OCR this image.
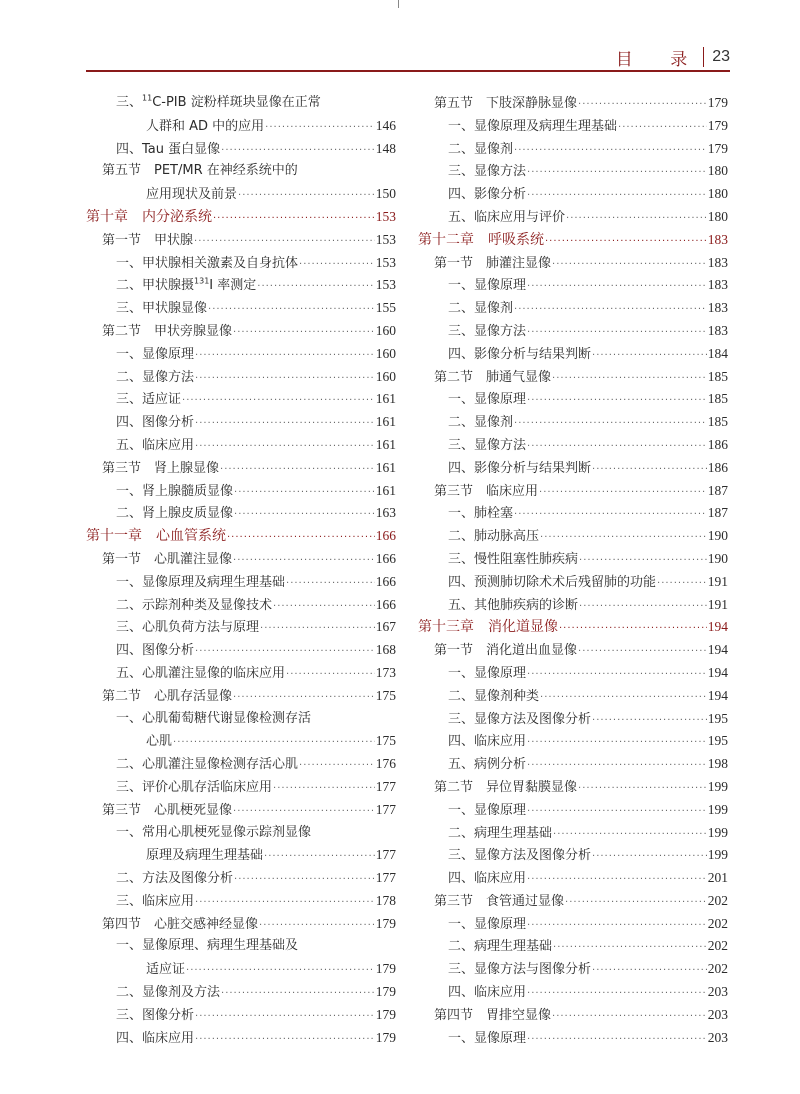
目 录 23
三、$^{11}$C-PIB 淀粉样斑块显像在正常
人群和 AD 中的应用 ·····	146
四、Tau 蛋白显像 ·····	148
第五节　PET/MR 在神经系统中的
应用现状及前景 ·····	150
第十章　内分泌系统 ·····	153
第一节　甲状腺 ·····	153
一、甲状腺相关激素及自身抗体 ·····	153
二、甲状腺摄$^{131}$I 率测定 ·····	153
三、甲状腺显像 ·····	155
第二节　甲状旁腺显像 ·····	160
一、显像原理 ·····	160
二、显像方法 ·····	160
三、适应证 ·····	161
四、图像分析 ·····	161
五、临床应用 ·····	161
第三节　肾上腺显像 ·····	161
一、肾上腺髓质显像 ·····	161
二、肾上腺皮质显像 ·····	163
第十一章　心血管系统 ·····	166
第一节　心肌灌注显像 ·····	166
一、显像原理及病理生理基础 ·····	166
二、示踪剂种类及显像技术 ·····	166
三、心肌负荷方法与原理 ·····	167
四、图像分析 ·····	168
五、心肌灌注显像的临床应用 ·····	173
第二节　心肌存活显像 ·····	175
一、心肌葡萄糖代谢显像检测存活
心肌 ·····	175
二、心肌灌注显像检测存活心肌 ·····	176
三、评价心肌存活临床应用 ·····	177
第三节　心肌梗死显像 ·····	177
一、常用心肌梗死显像示踪剂显像
原理及病理生理基础 ·····	177
二、方法及图像分析 ·····	177
三、临床应用 ·····	178
第四节　心脏交感神经显像 ·····	179
一、显像原理、病理生理基础及
适应证 ·····	179
二、显像剂及方法 ·····	179
三、图像分析 ·····	179
四、临床应用 ·····	179
第五节　下肢深静脉显像 ·····	179
一、显像原理及病理生理基础 ·····	179
二、显像剂 ·····	179
三、显像方法 ·····	180
四、影像分析 ·····	180
五、临床应用与评价 ·····	180
第十二章　呼吸系统 ·····	183
第一节　肺灌注显像 ·····	183
一、显像原理 ·····	183
二、显像剂 ·····	183
三、显像方法 ·····	183
四、影像分析与结果判断 ·····	184
第二节　肺通气显像 ·····	185
一、显像原理 ·····	185
二、显像剂 ·····	185
三、显像方法 ·····	186
四、影像分析与结果判断 ·····	186
第三节　临床应用 ·····	187
一、肺栓塞 ·····	187
二、肺动脉高压 ·····	190
三、慢性阻塞性肺疾病 ·····	190
四、预测肺切除术术后残留肺的功能 ·····	191
五、其他肺疾病的诊断 ·····	191
第十三章　消化道显像 ·····	194
第一节　消化道出血显像 ·····	194
一、显像原理 ·····	194
二、显像剂种类 ·····	194
三、显像方法及图像分析 ·····	195
四、临床应用 ·····	195
五、病例分析 ·····	198
第二节　异位胃黏膜显像 ·····	199
一、显像原理 ·····	199
二、病理生理基础 ·····	199
三、显像方法及图像分析 ·····	199
四、临床应用 ·····	201
第三节　食管通过显像 ·····	202
一、显像原理 ·····	202
二、病理生理基础 ·····	202
三、显像方法与图像分析 ·····	202
四、临床应用 ·····	203
第四节　胃排空显像 ·····	203
一、显像原理 ·····	203
